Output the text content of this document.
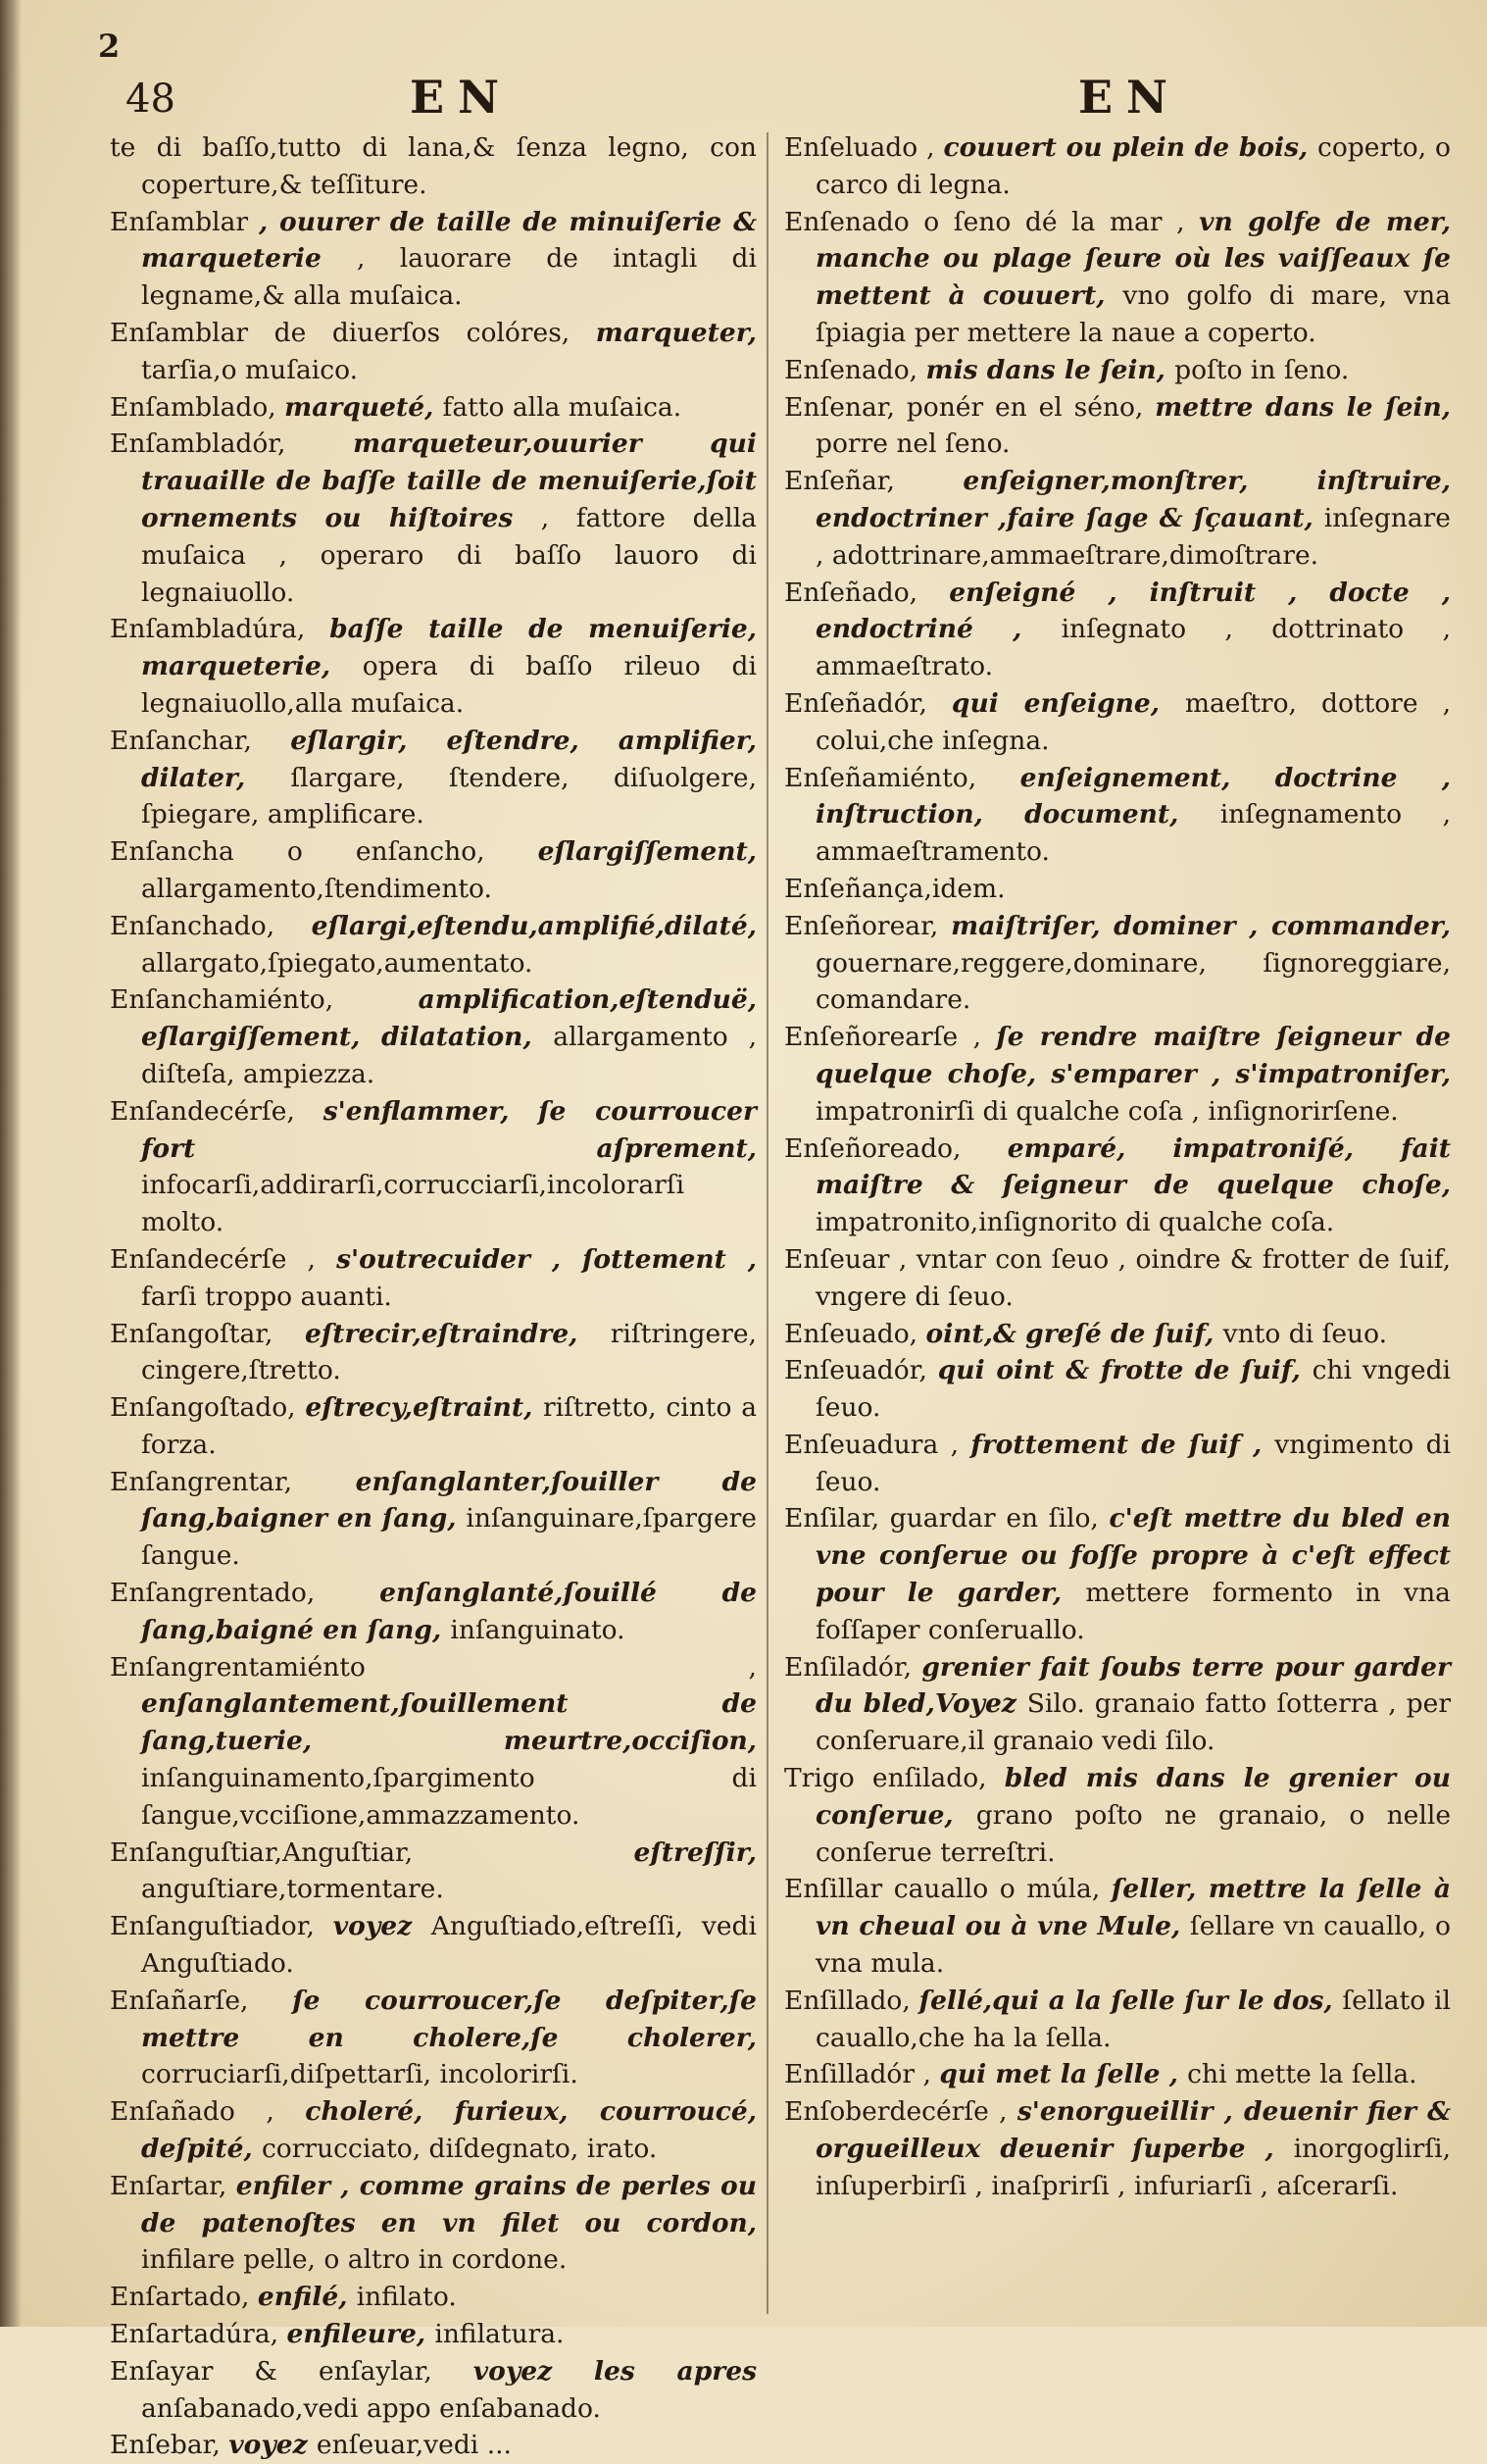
2
48	EN	EN

te di baſſo,tutto di lana,& ſenza legno, con coperture,& teſſiture.

Enſamblar , ouurer de taille de minuiſerie & marqueterie , lauorare de intagli di legname,& alla muſaica.

Enſamblar de diuerſos colóres, marqueter, tarſia,o muſaico.

Enſamblado, marqueté, fatto alla muſaica.

Enſambladór, marqueteur,ouurier qui trauaille de baſſe taille de menuiſerie,ſoit ornements ou hiſtoires , fattore della muſaica , operaro di baſſo lauoro di legnaiuollo.

Enſambladúra, baſſe taille de menuiſerie, marqueterie, opera di baſſo rileuo di legnaiuollo,alla muſaica.

Enſanchar, eſlargir, eſtendre, amplifier, dilater, ſlargare, ſtendere, diſuolgere, ſpiegare, amplificare.

Enſancha o enſancho, eſlargiſſement, allargamento,ſtendimento.

Enſanchado, eſlargi,eſtendu,amplifié,dilaté, allargato,ſpiegato,aumentato.

Enſanchamiénto, amplification,eſtenduë, eſlargiſſement, dilatation, allargamento , diſteſa, ampiezza.

Enſandecérſe, s'enflammer, ſe courroucer fort aſprement, infocarſi,addirarſi,corrucciarſi,incolorarſi molto.

Enſandecérſe , s'outrecuider , ſottement , farſi troppo auanti.

Enſangoſtar, eſtrecir,eſtraindre, riſtringere, cingere,ſtretto.

Enſangoſtado, eſtrecy,eſtraint, riſtretto, cinto a forza.

Enſangrentar, enſanglanter,ſouiller de ſang,baigner en ſang, inſanguinare,ſpargere ſangue.

Enſangrentado, enſanglanté,ſouillé de ſang,baigné en ſang, inſanguinato.

Enſangrentamiénto , enſanglantement,ſouillement de ſang,tuerie, meurtre,occiſion, inſanguinamento,ſpargimento di ſangue,vcciſione,ammazzamento.

Enſanguſtiar,Anguſtiar, eſtreſſir, anguſtiare,tormentare.

Enſanguſtiador, voyez Anguſtiado,eſtreſſi, vedi Anguſtiado.

Enſañarſe, ſe courroucer,ſe deſpiter,ſe mettre en cholere,ſe cholerer, corruciarſi,diſpettarſi, incolorirſi.

Enſañado , choleré, furieux, courroucé, deſpité, corrucciato, diſdegnato, irato.

Enſartar, enfiler , comme grains de perles ou de patenoſtes en vn filet ou cordon, infilare pelle, o altro in cordone.

Enſartado, enfilé, infilato.

Enſartadúra, enfileure, infilatura.

Enſayar & enſaylar, voyez les apres anſabanado,vedi appo enſabanado.

Enſebar, voyez enſeuar,vedi ...

Enſeluado , couuert ou plein de bois, coperto, o carco di legna.

Enſenado o ſeno dé la mar , vn golfe de mer, manche ou plage ſeure où les vaiſſeaux ſe mettent à couuert, vno golfo di mare, vna ſpiagia per mettere la naue a coperto.

Enſenado, mis dans le ſein, poſto in ſeno.

Enſenar, ponér en el séno, mettre dans le ſein, porre nel ſeno.

Enſeñar, enſeigner,monſtrer, inſtruire, endoctriner ,faire ſage & ſçauant, inſegnare , adottrinare,ammaeſtrare,dimoſtrare.

Enſeñado, enſeigné , inſtruit , docte , endoctriné , inſegnato , dottrinato , ammaeſtrato.

Enſeñadór, qui enſeigne, maeſtro, dottore , colui,che inſegna.

Enſeñamiénto, enſeignement, doctrine , inſtruction, document, inſegnamento , ammaeſtramento.

Enſeñança,idem.

Enſeñorear, maiſtriſer, dominer , commander, gouernare,reggere,dominare, ſignoreggiare, comandare.

Enſeñorearſe , ſe rendre maiſtre ſeigneur de quelque choſe, s'emparer , s'impatroniſer, impatronirſi di qualche coſa , inſignorirſene.

Enſeñoreado, emparé, impatroniſé, fait maiſtre & ſeigneur de quelque choſe, impatronito,inſignorito di qualche coſa.

Enſeuar , vntar con ſeuo , oindre & frotter de ſuif, vngere di ſeuo.

Enſeuado, oint,& greſé de ſuif, vnto di ſeuo.

Enſeuadór, qui oint & frotte de ſuif, chi vngedi ſeuo.

Enſeuadura , frottement de ſuif , vngimento di ſeuo.

Enſilar, guardar en ſilo, c'eſt mettre du bled en vne conſerue ou foſſe propre à c'eſt effect pour le garder, mettere formento in vna foſſaper conſeruallo.

Enſiladór, grenier fait ſoubs terre pour garder du bled,Voyez Silo. granaio fatto ſotterra , per conſeruare,il granaio vedi ſilo.

Trigo enſilado, bled mis dans le grenier ou conſerue, grano poſto ne granaio, o nelle conſerue terreſtri.

Enſillar cauallo o múla, ſeller, mettre la ſelle à vn cheual ou à vne Mule, ſellare vn cauallo, o vna mula.

Enſillado, ſellé,qui a la ſelle ſur le dos, ſellato il cauallo,che ha la ſella.

Enſilladór , qui met la ſelle , chi mette la ſella.

Enſoberdecérſe , s'enorgueillir , deuenir fier & orgueilleux deuenir ſuperbe , inorgoglirſi, inſuperbirſi , inaſprirſi , infuriarſi , aſcerarſi.
